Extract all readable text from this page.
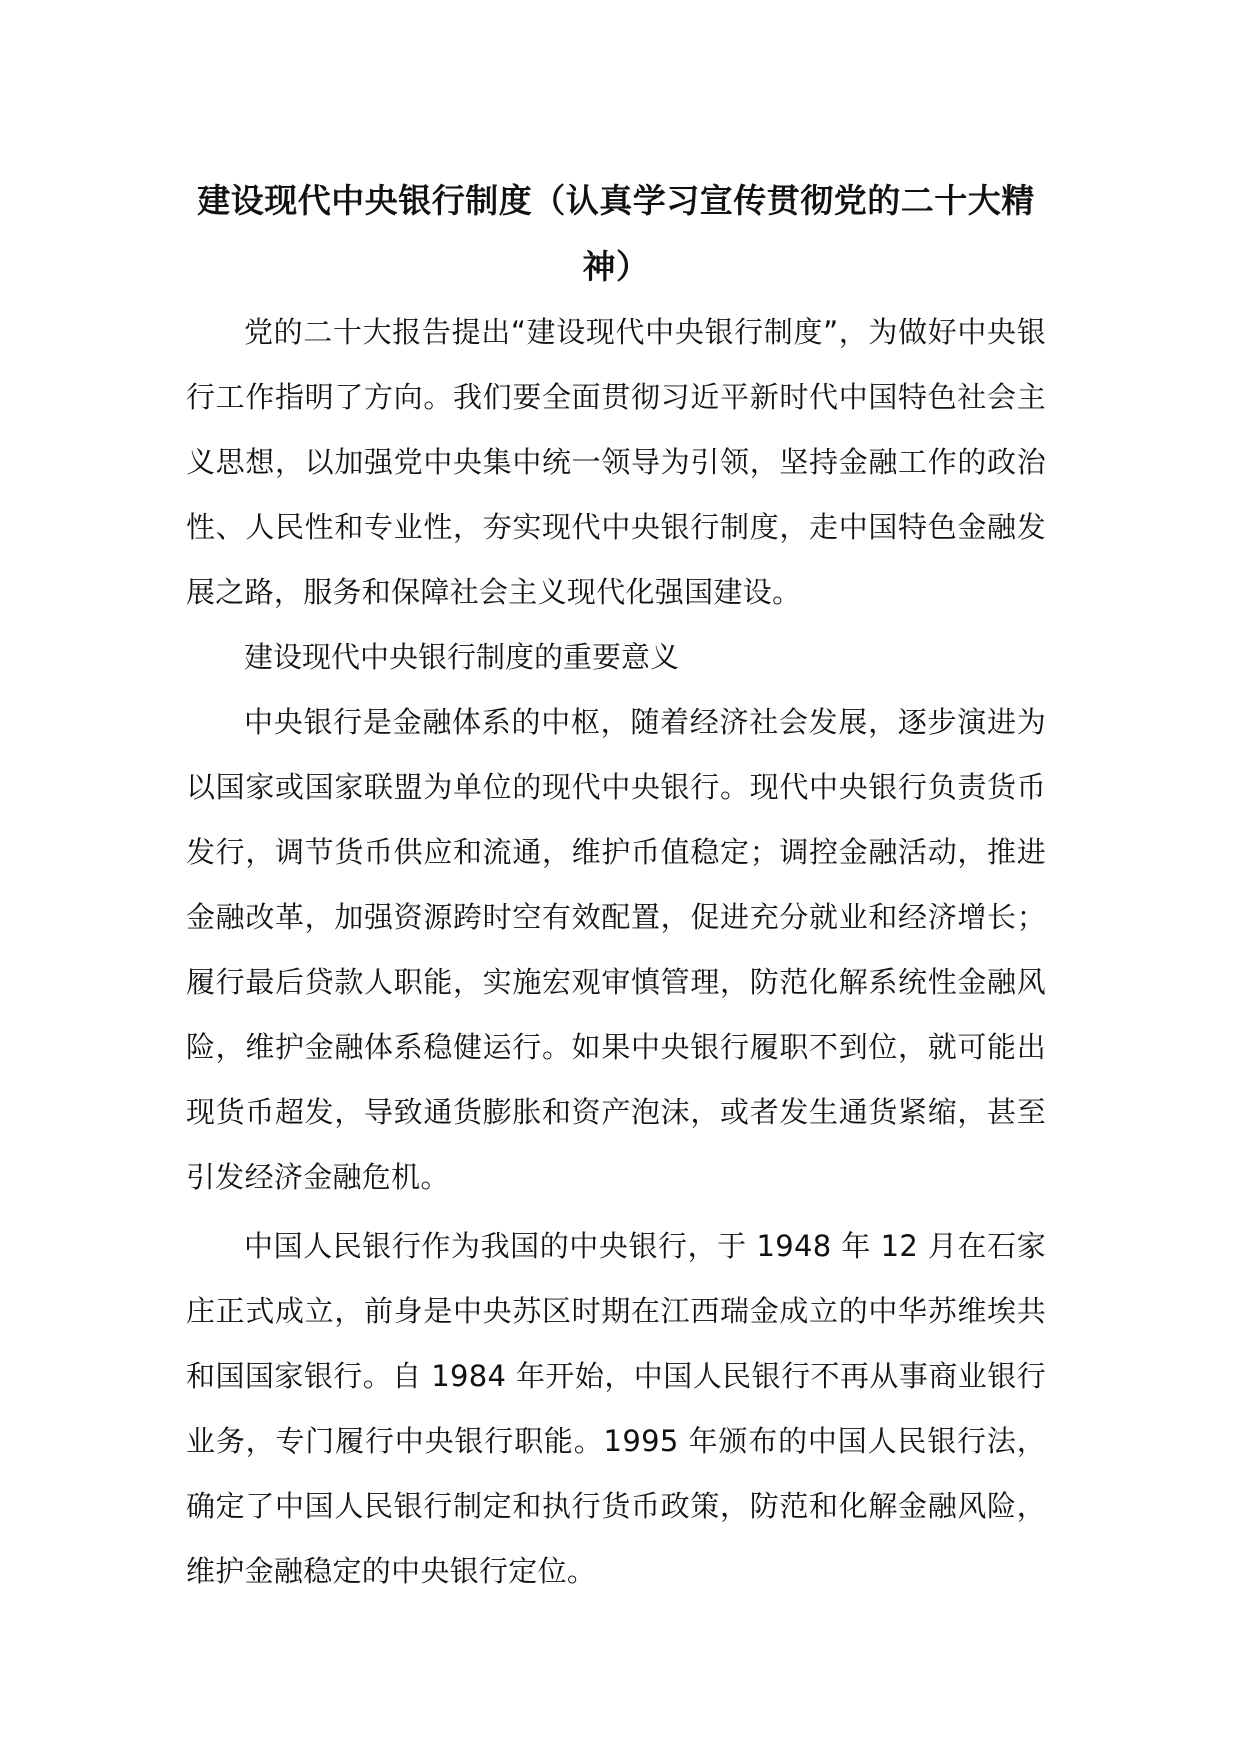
建设现代中央银行制度（认真学习宣传贯彻党的二十大精神）

党的二十大报告提出“建设现代中央银行制度”，为做好中央银行工作指明了方向。我们要全面贯彻习近平新时代中国特色社会主义思想，以加强党中央集中统一领导为引领，坚持金融工作的政治性、人民性和专业性，夯实现代中央银行制度，走中国特色金融发展之路，服务和保障社会主义现代化强国建设。

建设现代中央银行制度的重要意义

中央银行是金融体系的中枢，随着经济社会发展，逐步演进为以国家或国家联盟为单位的现代中央银行。现代中央银行负责货币发行，调节货币供应和流通，维护币值稳定；调控金融活动，推进金融改革，加强资源跨时空有效配置，促进充分就业和经济增长；履行最后贷款人职能，实施宏观审慎管理，防范化解系统性金融风险，维护金融体系稳健运行。如果中央银行履职不到位，就可能出现货币超发，导致通货膨胀和资产泡沫，或者发生通货紧缩，甚至引发经济金融危机。

中国人民银行作为我国的中央银行，于 1948 年 12 月在石家庄正式成立，前身是中央苏区时期在江西瑞金成立的中华苏维埃共和国国家银行。自 1984 年开始，中国人民银行不再从事商业银行业务，专门履行中央银行职能。1995 年颁布的中国人民银行法，确定了中国人民银行制定和执行货币政策，防范和化解金融风险，维护金融稳定的中央银行定位。
